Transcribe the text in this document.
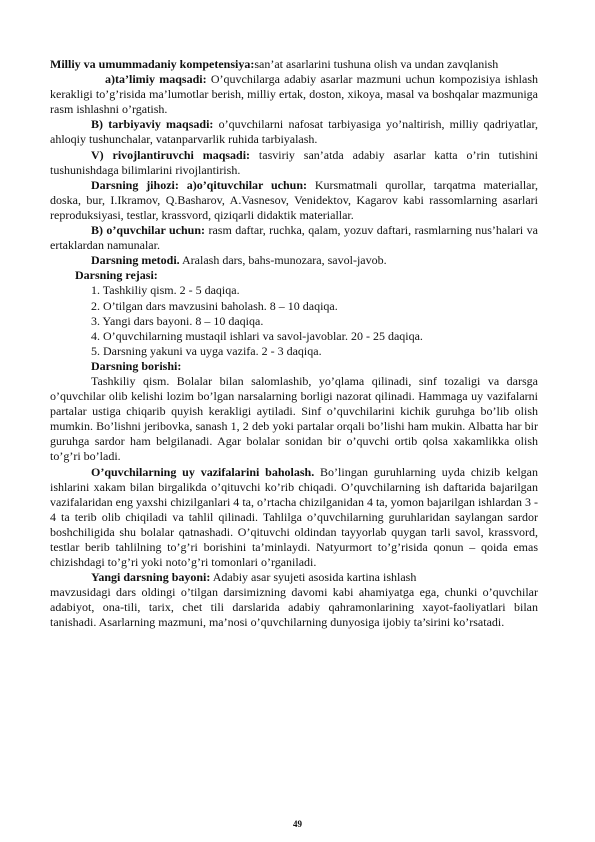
Milliy va umummadaniy kompetensiya:san’at asarlarini tushuna olish va undan zavqlanish

a)ta’limiy maqsadi: O’quvchilarga adabiy asarlar mazmuni uchun kompozisiya ishlash kerakligi to’g’risida ma’lumotlar berish, milliy ertak, doston, xikoya, masal va boshqalar mazmuniga rasm ishlashni o’rgatish.

B) tarbiyaviy maqsadi: o’quvchilarni nafosat tarbiyasiga yo’naltirish, milliy qadriyatlar, ahloqiy tushunchalar, vatanparvarlik ruhida tarbiyalash.

V) rivojlantiruvchi maqsadi: tasviriy san’atda adabiy asarlar katta o’rin tutishini tushunishdaga bilimlarini rivojlantirish.

Darsning jihozi: a)o’qituvchilar uchun: Kursmatmali qurollar, tarqatma materiallar, doska, bur, I.Ikramov, Q.Basharov, A.Vasnesov, Venidektov, Kagarov kabi rassomlarning asarlari reproduksiyasi, testlar, krassvord, qiziqarli didaktik materiallar.

B) o’quvchilar uchun: rasm daftar, ruchka, qalam, yozuv daftari, rasmlarning nus’halari va ertaklardan namunalar.

Darsning metodi. Aralash dars, bahs-munozara, savol-javob.

Darsning rejasi:

1. Tashkiliy qism. 2 - 5 daqiqa.

2. O’tilgan dars mavzusini baholash. 8 – 10 daqiqa.

3. Yangi dars bayoni. 8 – 10 daqiqa.

4. O’quvchilarning mustaqil ishlari va savol-javoblar. 20 - 25 daqiqa.

5. Darsning yakuni va uyga vazifa. 2 - 3 daqiqa.

Darsning borishi:

Tashkiliy qism. Bolalar bilan salomlashib, yo’qlama qilinadi, sinf tozaligi va darsga o’quvchilar olib kelishi lozim bo’lgan narsalarning borligi nazorat qilinadi. Hammaga uy vazifalarni partalar ustiga chiqarib quyish kerakligi aytiladi. Sinf o’quvchilarini kichik guruhga bo’lib olish mumkin. Bo’lishni jeribovka, sanash 1, 2 deb yoki partalar orqali bo’lishi ham mukin. Albatta har bir guruhga sardor ham belgilanadi. Agar bolalar sonidan bir o’quvchi ortib qolsa xakamlikka olish to’g’ri bo’ladi.

O’quvchilarning uy vazifalarini baholash. Bo’lingan guruhlarning uyda chizib kelgan ishlarini xakam bilan birgalikda o’qituvchi ko’rib chiqadi. O’quvchilarning ish daftarida bajarilgan vazifalaridan eng yaxshi chizilganlari 4 ta, o’rtacha chizilganidan 4 ta, yomon bajarilgan ishlardan 3 - 4 ta terib olib chiqiladi va tahlil qilinadi. Tahlilga o’quvchilarning guruhlaridan saylangan sardor boshchiligida shu bolalar qatnashadi. O’qituvchi oldindan tayyorlab quygan tarli savol, krassvord, testlar berib tahlilning to’g’ri borishini ta’minlaydi. Natyurmort to’g’risida qonun – qoida emas chizishdagi to’g’ri yoki noto’g’ri tomonlari o’rganiladi.

Yangi darsning bayoni: Adabiy asar syujeti asosida kartina ishlash

mavzusidagi dars oldingi o’tilgan darsimizning davomi kabi ahamiyatga ega, chunki o’quvchilar adabiyot, ona-tili, tarix, chet tili darslarida adabiy qahramonlarining xayot-faoliyatlari bilan tanishadi. Asarlarning mazmuni, ma’nosi o’quvchilarning dunyosiga ijobiy ta’sirini ko’rsatadi.

49
